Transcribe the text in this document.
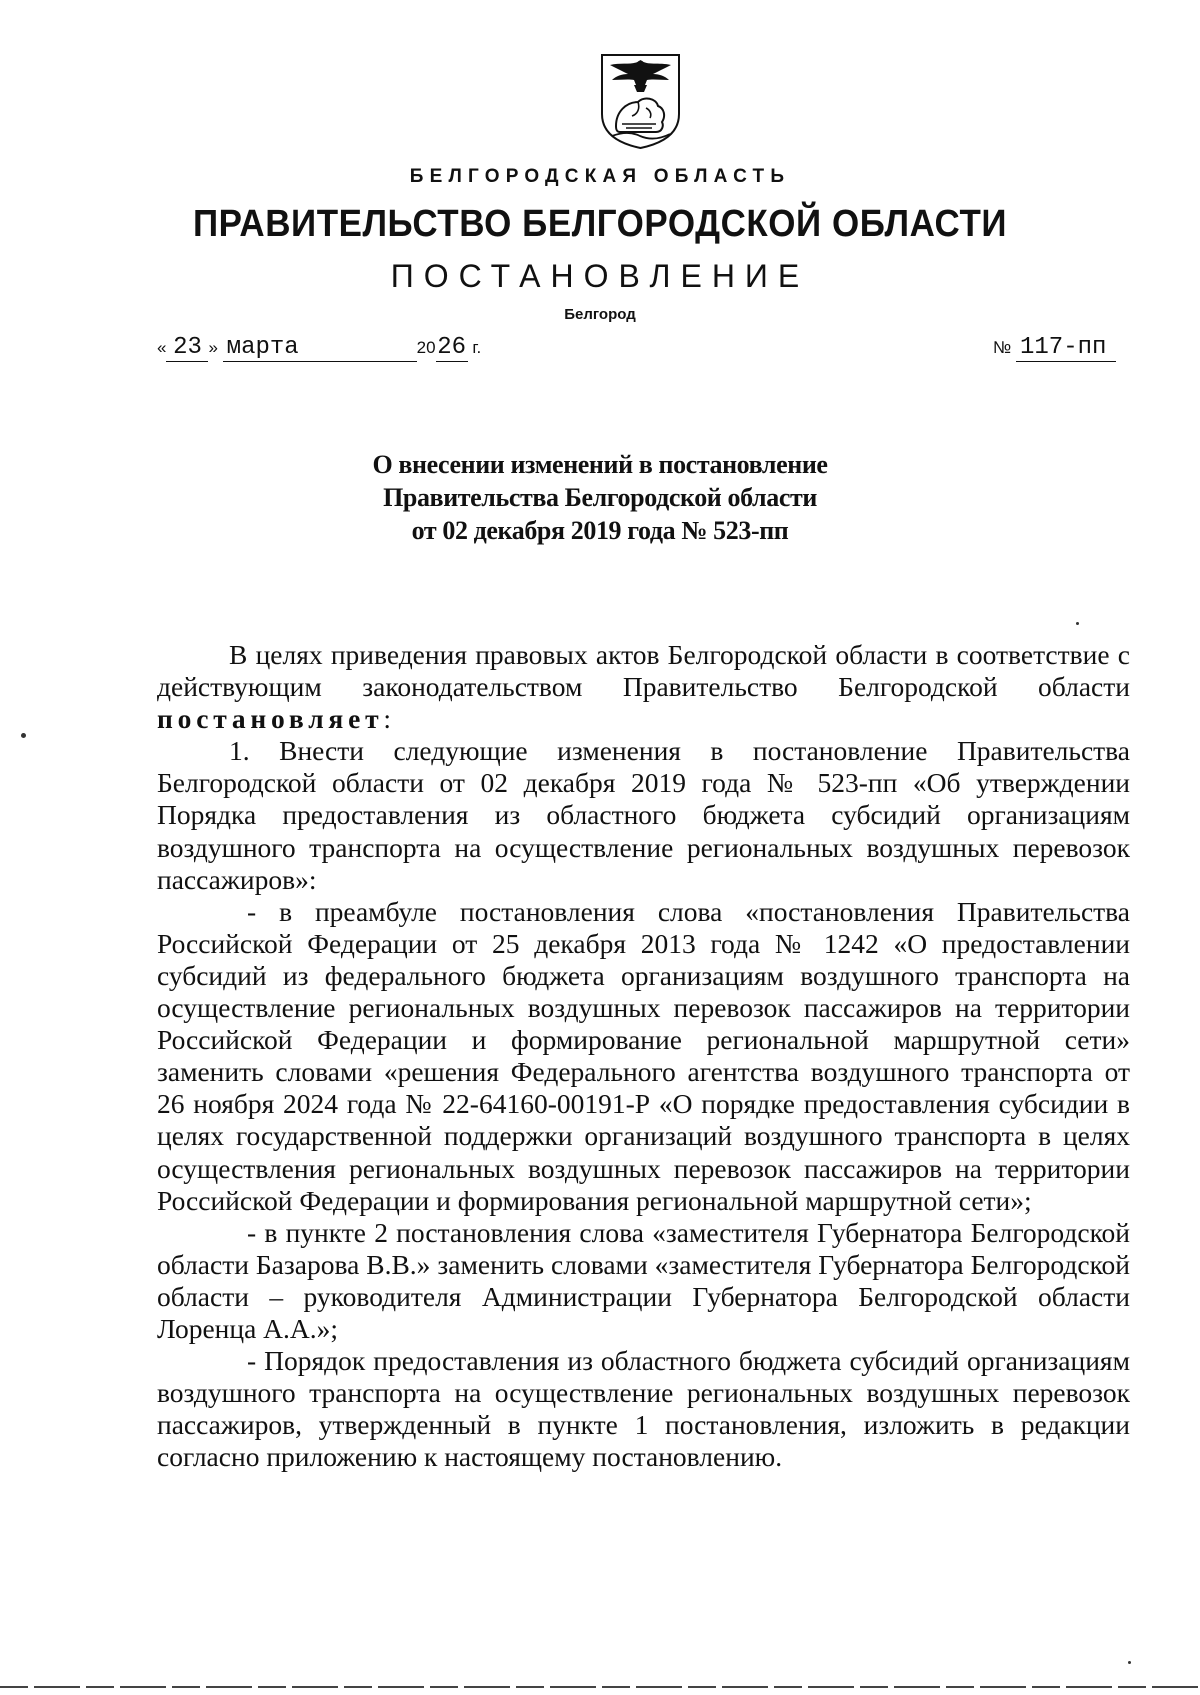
БЕЛГОРОДСКАЯ ОБЛАСТЬ
ПРАВИТЕЛЬСТВО БЕЛГОРОДСКОЙ ОБЛАСТИ
ПОСТАНОВЛЕНИЕ
Белгород
« 23 » марта	2026 г.	№ 117-пп
О внесении изменений в постановление
Правительства Белгородской области
от 02 декабря 2019 года № 523-пп

В целях приведения правовых актов Белгородской области в соответствие с действующим законодательством Правительство Белгородской области постановляет:

1. Внести следующие изменения в постановление Правительства Белгородской области от 02 декабря 2019 года № 523-пп «Об утверждении Порядка предоставления из областного бюджета субсидий организациям воздушного транспорта на осуществление региональных воздушных перевозок пассажиров»:

- в преамбуле постановления слова «постановления Правительства Российской Федерации от 25 декабря 2013 года № 1242 «О предоставлении субсидий из федерального бюджета организациям воздушного транспорта на осуществление региональных воздушных перевозок пассажиров на территории Российской Федерации и формирование региональной маршрутной сети» заменить словами «решения Федерального агентства воздушного транспорта от 26 ноября 2024 года № 22-64160-00191-Р «О порядке предоставления субсидии в целях государственной поддержки организаций воздушного транспорта в целях осуществления региональных воздушных перевозок пассажиров на территории Российской Федерации и формирования региональной маршрутной сети»;

- в пункте 2 постановления слова «заместителя Губернатора Белгородской области Базарова В.В.» заменить словами «заместителя Губернатора Белгородской области – руководителя Администрации Губернатора Белгородской области Лоренца А.А.»;

- Порядок предоставления из областного бюджета субсидий организациям воздушного транспорта на осуществление региональных воздушных перевозок пассажиров, утвержденный в пункте 1 постановления, изложить в редакции согласно приложению к настоящему постановлению.
